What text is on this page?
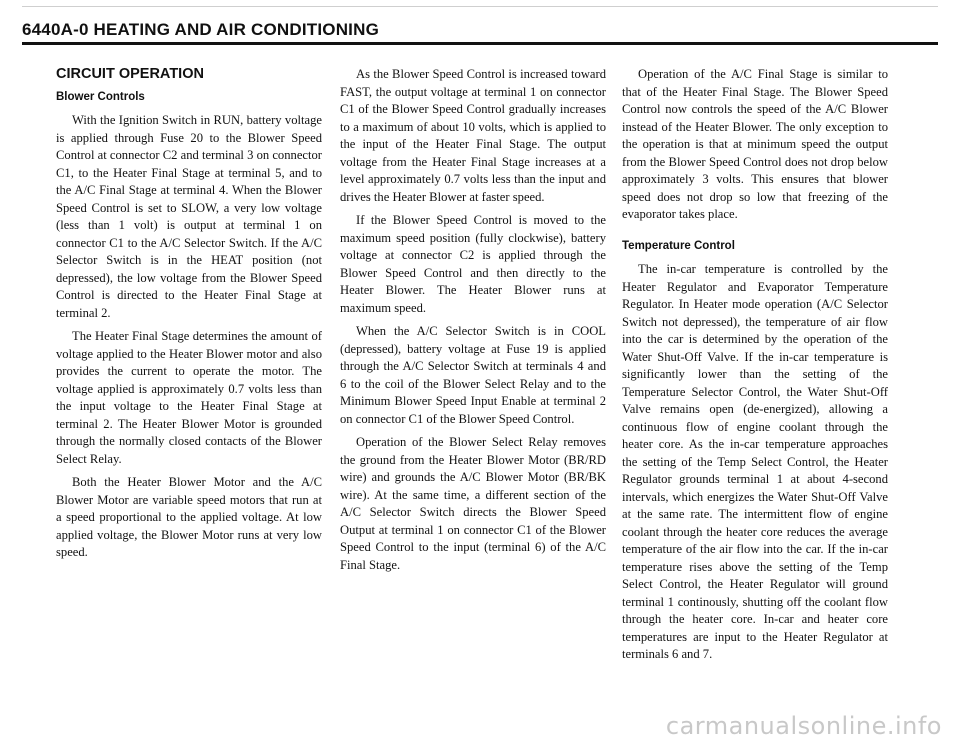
6440A-0 HEATING AND AIR CONDITIONING
CIRCUIT OPERATION
Blower Controls

With the Ignition Switch in RUN, battery voltage is applied through Fuse 20 to the Blower Speed Control at connector C2 and terminal 3 on connector C1, to the Heater Final Stage at terminal 5, and to the A/C Final Stage at terminal 4. When the Blower Speed Control is set to SLOW, a very low voltage (less than 1 volt) is output at terminal 1 on connector C1 to the A/C Selector Switch. If the A/C Selector Switch is in the HEAT position (not depressed), the low voltage from the Blower Speed Control is directed to the Heater Final Stage at terminal 2.

The Heater Final Stage determines the amount of voltage applied to the Heater Blower motor and also provides the current to operate the motor. The voltage applied is approximately 0.7 volts less than the input voltage to the Heater Final Stage at terminal 2. The Heater Blower Motor is grounded through the normally closed contacts of the Blower Select Relay.

Both the Heater Blower Motor and the A/C Blower Motor are variable speed motors that run at a speed proportional to the applied voltage. At low applied voltage, the Blower Motor runs at very low speed.

As the Blower Speed Control is increased toward FAST, the output voltage at terminal 1 on connector C1 of the Blower Speed Control gradually increases to a maximum of about 10 volts, which is applied to the input of the Heater Final Stage. The output voltage from the Heater Final Stage increases at a level approximately 0.7 volts less than the input and drives the Heater Blower at faster speed.

If the Blower Speed Control is moved to the maximum speed position (fully clockwise), battery voltage at connector C2 is applied through the Blower Speed Control and then directly to the Heater Blower. The Heater Blower runs at maximum speed.

When the A/C Selector Switch is in COOL (depressed), battery voltage at Fuse 19 is applied through the A/C Selector Switch at terminals 4 and 6 to the coil of the Blower Select Relay and to the Minimum Blower Speed Input Enable at terminal 2 on connector C1 of the Blower Speed Control.

Operation of the Blower Select Relay removes the ground from the Heater Blower Motor (BR/RD wire) and grounds the A/C Blower Motor (BR/BK wire). At the same time, a different section of the A/C Selector Switch directs the Blower Speed Output at terminal 1 on connector C1 of the Blower Speed Control to the input (terminal 6) of the A/C Final Stage.

Operation of the A/C Final Stage is similar to that of the Heater Final Stage. The Blower Speed Control now controls the speed of the A/C Blower instead of the Heater Blower. The only exception to the operation is that at minimum speed the output from the Blower Speed Control does not drop below approximately 3 volts. This ensures that blower speed does not drop so low that freezing of the evaporator takes place.

Temperature Control

The in-car temperature is controlled by the Heater Regulator and Evaporator Temperature Regulator. In Heater mode operation (A/C Selector Switch not depressed), the temperature of air flow into the car is determined by the operation of the Water Shut-Off Valve. If the in-car temperature is significantly lower than the setting of the Temperature Selector Control, the Water Shut-Off Valve remains open (de-energized), allowing a continuous flow of engine coolant through the heater core. As the in-car temperature approaches the setting of the Temp Select Control, the Heater Regulator grounds terminal 1 at about 4-second intervals, which energizes the Water Shut-Off Valve at the same rate. The intermittent flow of engine coolant through the heater core reduces the average temperature of the air flow into the car. If the in-car temperature rises above the setting of the Temp Select Control, the Heater Regulator will ground terminal 1 continously, shutting off the coolant flow through the heater core. In-car and heater core temperatures are input to the Heater Regulator at terminals 6 and 7.

carmanualsonline.info
